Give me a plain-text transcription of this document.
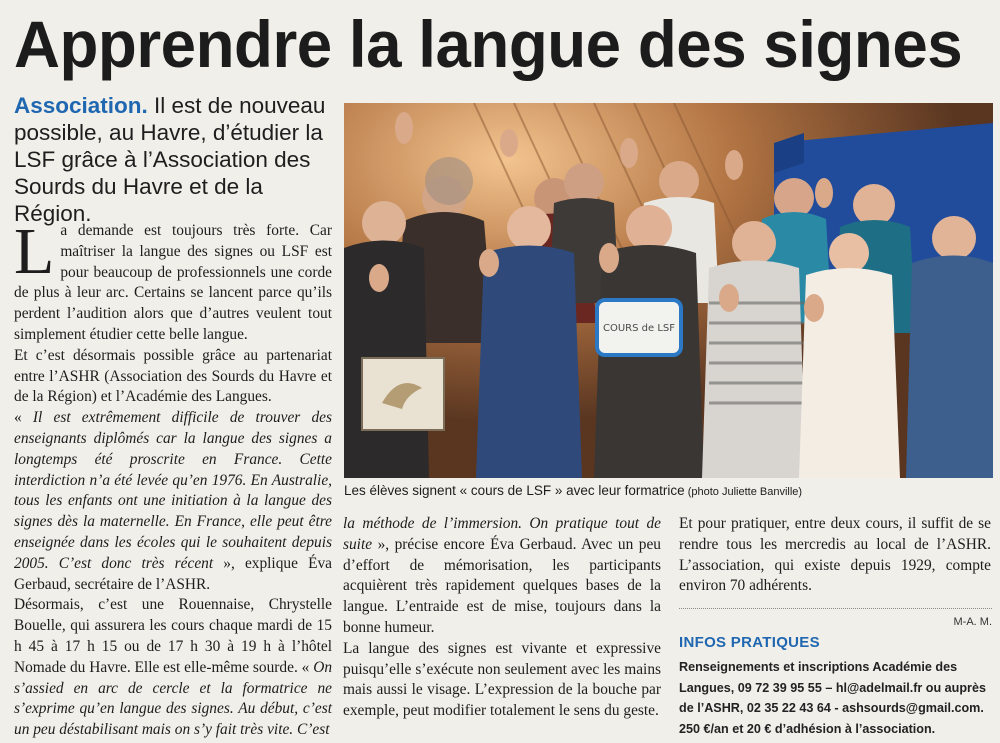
Apprendre la langue des signes
Association. Il est de nouveau possible, au Havre, d’étudier la LSF grâce à l’Association des Sourds du Havre et de la Région.

La demande est toujours très forte. Car maîtriser la langue des signes ou LSF est pour beaucoup de professionnels une corde de plus à leur arc. Certains se lancent parce qu’ils perdent l’audition alors que d’autres veulent tout simplement étudier cette belle langue.

Et c’est désormais possible grâce au partenariat entre l’ASHR (Association des Sourds du Havre et de la Région) et l’Académie des Langues.

« Il est extrêmement difficile de trouver des enseignants diplômés car la langue des signes a longtemps été proscrite en France. Cette interdiction n’a été levée qu’en 1976. En Australie, tous les enfants ont une initiation à la langue des signes dès la maternelle. En France, elle peut être enseignée dans les écoles qui le souhaitent depuis 2005. C’est donc très récent », explique Éva Gerbaud, secrétaire de l’ASHR.

Désormais, c’est une Rouennaise, Chrystelle Bouelle, qui assurera les cours chaque mardi de 15 h 45 à 17 h 15 ou de 17 h 30 à 19 h à l’hôtel Nomade du Havre. Elle est elle-même sourde. « On s’assied en arc de cercle et la formatrice ne s’exprime qu’en langue des signes. Au début, c’est un peu déstabilisant mais on s’y fait très vite. C’est

COURS de LSF
Les élèves signent « cours de LSF » avec leur formatrice (photo Juliette Banville)

la méthode de l’immersion. On pratique tout de suite », précise encore Éva Gerbaud. Avec un peu d’effort de mémorisation, les participants acquièrent très rapidement quelques bases de la langue. L’entraide est de mise, toujours dans la bonne humeur.

La langue des signes est vivante et expressive puisqu’elle s’exécute non seulement avec les mains mais aussi le visage. L’expression de la bouche par exemple, peut modifier totalement le sens du geste.

Et pour pratiquer, entre deux cours, il suffit de se rendre tous les mercredis au local de l’ASHR. L’association, qui existe depuis 1929, compte environ 70 adhérents.

M-A. M.
INFOS PRATIQUES
Renseignements et inscriptions Académie des Langues, 09 72 39 95 55 – hl@adelmail.fr ou auprès de l’ASHR, 02 35 22 43 64 - ashsourds@gmail.com. 250 €/an et 20 € d’adhésion à l’association.
